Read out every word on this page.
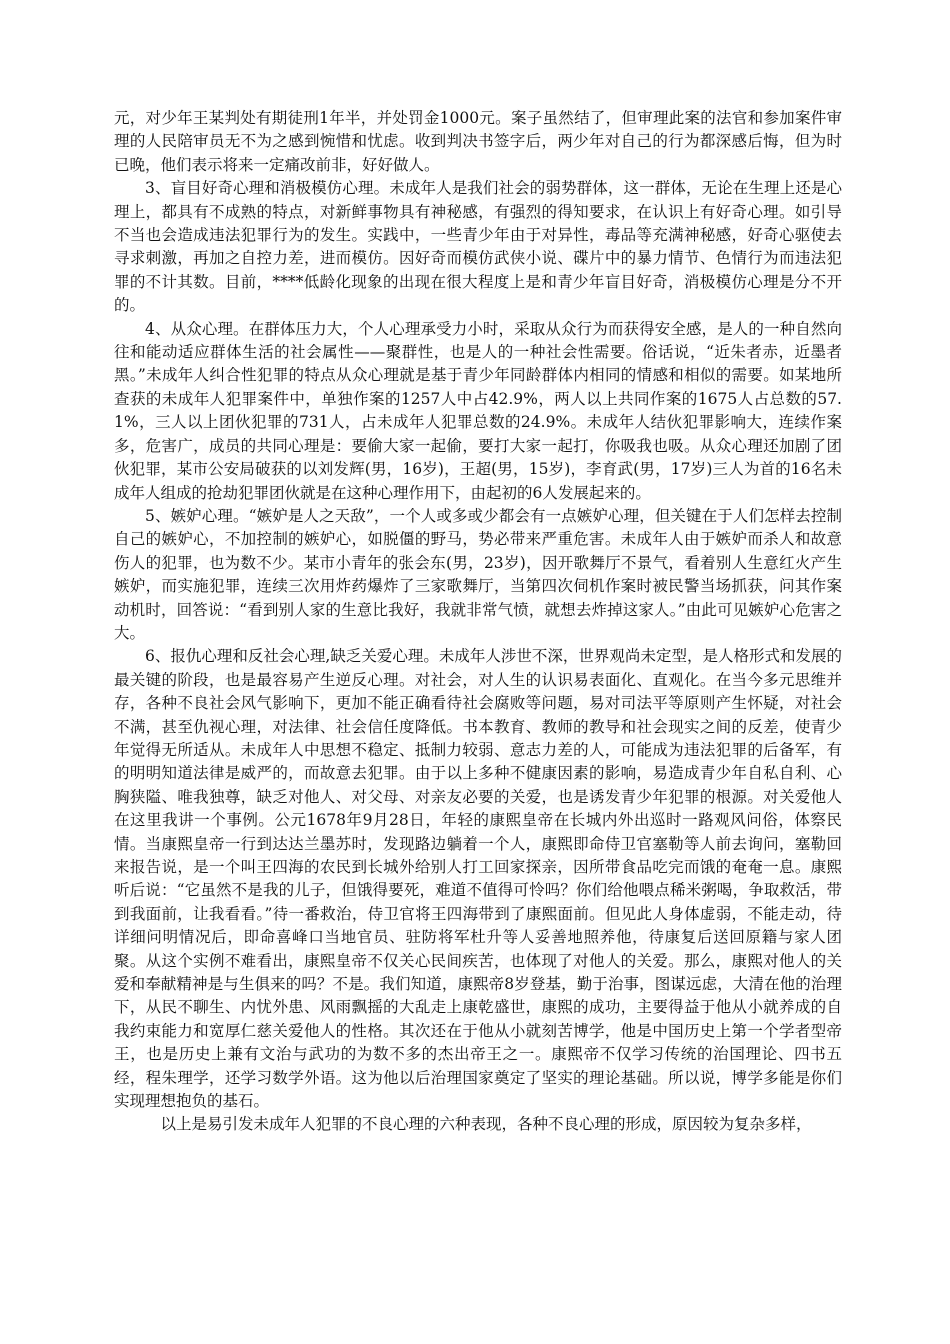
元，对少年王某判处有期徒刑1年半，并处罚金1000元。案子虽然结了，但审理此案的法官和参加案件审理的人民陪审员无不为之感到惋惜和忧虑。收到判决书签字后，两少年对自己的行为都深感后悔，但为时已晚，他们表示将来一定痛改前非，好好做人。

3、盲目好奇心理和消极模仿心理。未成年人是我们社会的弱势群体，这一群体，无论在生理上还是心理上，都具有不成熟的特点，对新鲜事物具有神秘感，有强烈的得知要求，在认识上有好奇心理。如引导不当也会造成违法犯罪行为的发生。实践中，一些青少年由于对异性，毒品等充满神秘感，好奇心驱使去寻求刺激，再加之自控力差，进而模仿。因好奇而模仿武侠小说、碟片中的暴力情节、色情行为而违法犯罪的不计其数。目前，****低龄化现象的出现在很大程度上是和青少年盲目好奇，消极模仿心理是分不开的。

4、从众心理。在群体压力大，个人心理承受力小时，采取从众行为而获得安全感，是人的一种自然向往和能动适应群体生活的社会属性——聚群性，也是人的一种社会性需要。俗话说，“近朱者赤，近墨者黑。”未成年人纠合性犯罪的特点从众心理就是基于青少年同龄群体内相同的情感和相似的需要。如某地所查获的未成年人犯罪案件中，单独作案的1257人中占42.9%，两人以上共同作案的1675人占总数的57.1%，三人以上团伙犯罪的731人，占未成年人犯罪总数的24.9%。未成年人结伙犯罪影响大，连续作案多，危害广，成员的共同心理是：要偷大家一起偷，要打大家一起打，你吸我也吸。从众心理还加剧了团伙犯罪，某市公安局破获的以刘发辉(男，16岁)，王超(男，15岁)，李育武(男，17岁)三人为首的16名未成年人组成的抢劫犯罪团伙就是在这种心理作用下，由起初的6人发展起来的。

5、嫉妒心理。“嫉妒是人之天敌”，一个人或多或少都会有一点嫉妒心理，但关键在于人们怎样去控制自己的嫉妒心，不加控制的嫉妒心，如脱僵的野马，势必带来严重危害。未成年人由于嫉妒而杀人和故意伤人的犯罪，也为数不少。某市小青年的张会东(男，23岁)，因开歌舞厅不景气，看着别人生意红火产生嫉妒，而实施犯罪，连续三次用炸药爆炸了三家歌舞厅，当第四次伺机作案时被民警当场抓获，问其作案动机时，回答说：“看到别人家的生意比我好，我就非常气愤，就想去炸掉这家人。”由此可见嫉妒心危害之大。

6、报仇心理和反社会心理,缺乏关爱心理。未成年人涉世不深，世界观尚未定型，是人格形式和发展的最关键的阶段，也是最容易产生逆反心理。对社会，对人生的认识易表面化、直观化。在当今多元思维并存，各种不良社会风气影响下，更加不能正确看待社会腐败等问题，易对司法平等原则产生怀疑，对社会不满，甚至仇视心理，对法律、社会信任度降低。书本教育、教师的教导和社会现实之间的反差，使青少年觉得无所适从。未成年人中思想不稳定、抵制力较弱、意志力差的人，可能成为违法犯罪的后备军，有的明明知道法律是威严的，而故意去犯罪。由于以上多种不健康因素的影响，易造成青少年自私自利、心胸狭隘、唯我独尊，缺乏对他人、对父母、对亲友必要的关爱，也是诱发青少年犯罪的根源。对关爱他人在这里我讲一个事例。公元1678年9月28日，年轻的康熙皇帝在长城内外出巡时一路观风问俗，体察民情。当康熙皇帝一行到达达兰墨苏时，发现路边躺着一个人，康熙即命侍卫官塞勒等人前去询问，塞勒回来报告说，是一个叫王四海的农民到长城外给别人打工回家探亲，因所带食品吃完而饿的奄奄一息。康熙听后说：“它虽然不是我的儿子，但饿得要死，难道不值得可怜吗？你们给他喂点稀米粥喝，争取救活，带到我面前，让我看看。”待一番救治，侍卫官将王四海带到了康熙面前。但见此人身体虚弱，不能走动，待详细问明情况后，即命喜峰口当地官员、驻防将军杜升等人妥善地照养他，待康复后送回原籍与家人团聚。从这个实例不难看出，康熙皇帝不仅关心民间疾苦，也体现了对他人的关爱。那么，康熙对他人的关爱和奉献精神是与生俱来的吗？不是。我们知道，康熙帝8岁登基，勤于治事，图谋远虑，大清在他的治理下，从民不聊生、内忧外患、风雨飘摇的大乱走上康乾盛世，康熙的成功，主要得益于他从小就养成的自我约束能力和宽厚仁慈关爱他人的性格。其次还在于他从小就刻苦博学，他是中国历史上第一个学者型帝王，也是历史上兼有文治与武功的为数不多的杰出帝王之一。康熙帝不仅学习传统的治国理论、四书五经，程朱理学，还学习数学外语。这为他以后治理国家奠定了坚实的理论基础。所以说，博学多能是你们实现理想抱负的基石。

以上是易引发未成年人犯罪的不良心理的六种表现，各种不良心理的形成，原因较为复杂多样，
